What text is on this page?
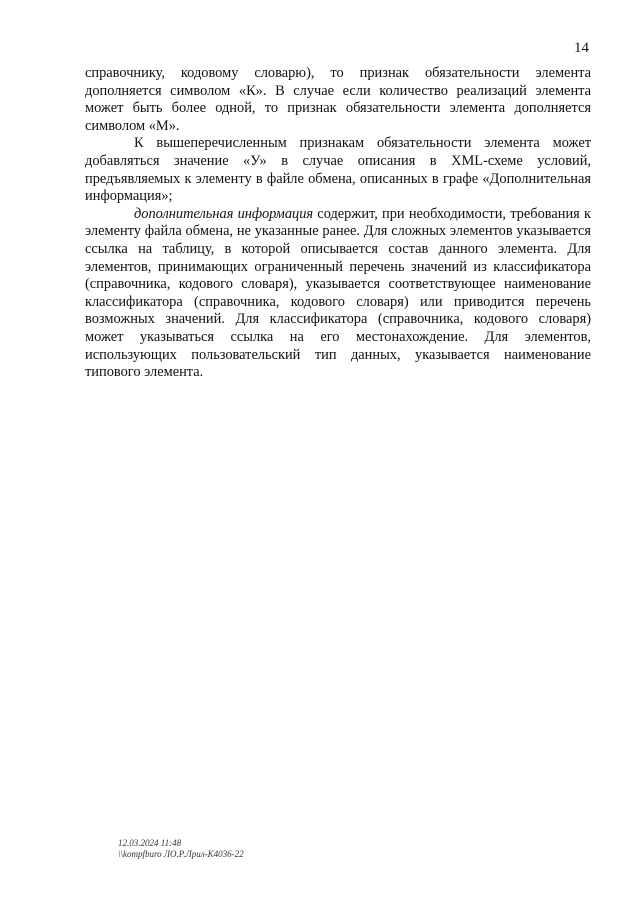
14

справочнику, кодовому словарю), то признак обязательности элемента дополняется символом «К». В случае если количество реализаций элемента может быть более одной, то признак обязательности элемента дополняется символом «М».

К вышеперечисленным признакам обязательности элемента может добавляться значение «У» в случае описания в XML-схеме условий, предъявляемых к элементу в файле обмена, описанных в графе «Дополнительная информация»;

дополнительная информация содержит, при необходимости, требования к элементу файла обмена, не указанные ранее. Для сложных элементов указывается ссылка на таблицу, в которой описывается состав данного элемента. Для элементов, принимающих ограниченный перечень значений из классификатора (справочника, кодового словаря), указывается соответствующее наименование классификатора (справочника, кодового словаря) или приводится перечень возможных значений. Для классификатора (справочника, кодового словаря) может указываться ссылка на его местонахождение. Для элементов, использующих пользовательский тип данных, указывается наименование типового элемента.

12.03.2024 11:48
\\kompfburo ЛО.Р.Лрил-К4036-22
